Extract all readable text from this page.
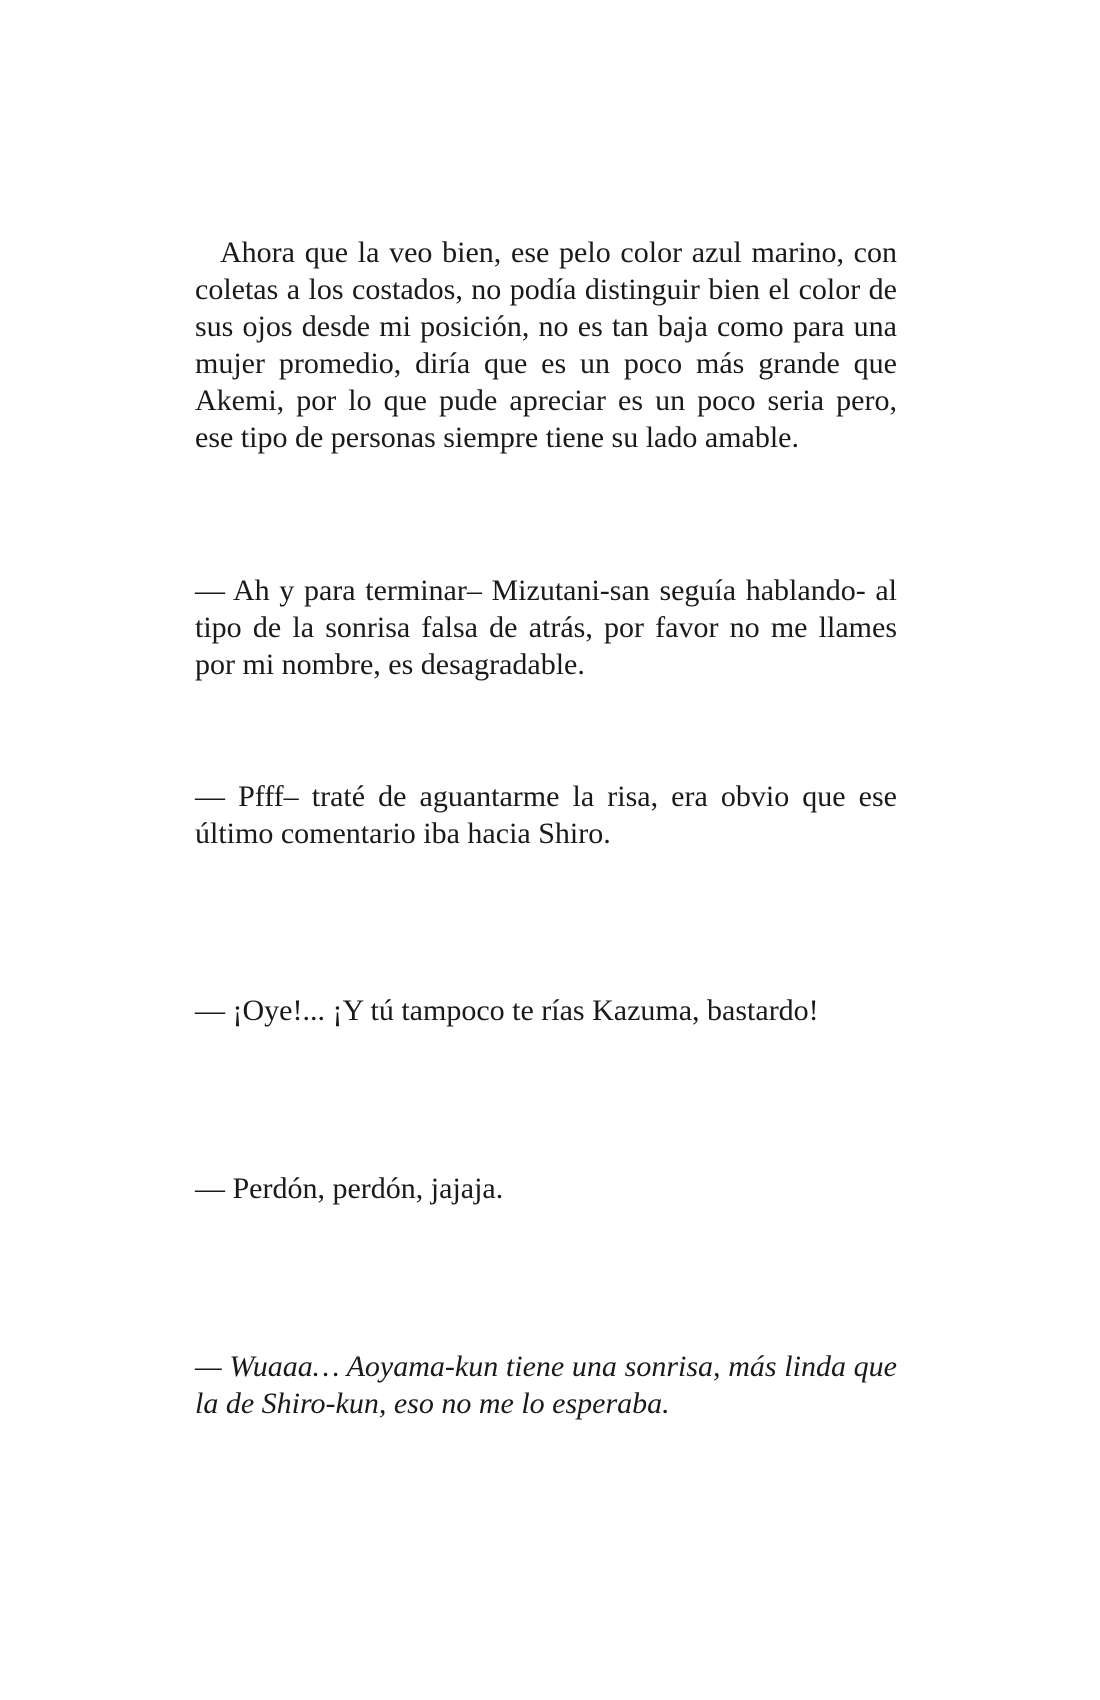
Ahora que la veo bien, ese pelo color azul marino, con coletas a los costados, no podía distinguir bien el color de sus ojos desde mi posición, no es tan baja como para una mujer promedio, diría que es un poco más grande que Akemi, por lo que pude apreciar es un poco seria pero, ese tipo de personas siempre tiene su lado amable.

— Ah y para terminar– Mizutani-san seguía hablando- al tipo de la sonrisa falsa de atrás, por favor no me llames por mi nombre, es desagradable.

— Pfff– traté de aguantarme la risa, era obvio que ese último comentario iba hacia Shiro.

— ¡Oye!... ¡Y tú tampoco te rías Kazuma, bastardo!

— Perdón, perdón, jajaja.

— Wuaaa… Aoyama-kun tiene una sonrisa, más linda que la de Shiro-kun, eso no me lo esperaba.
